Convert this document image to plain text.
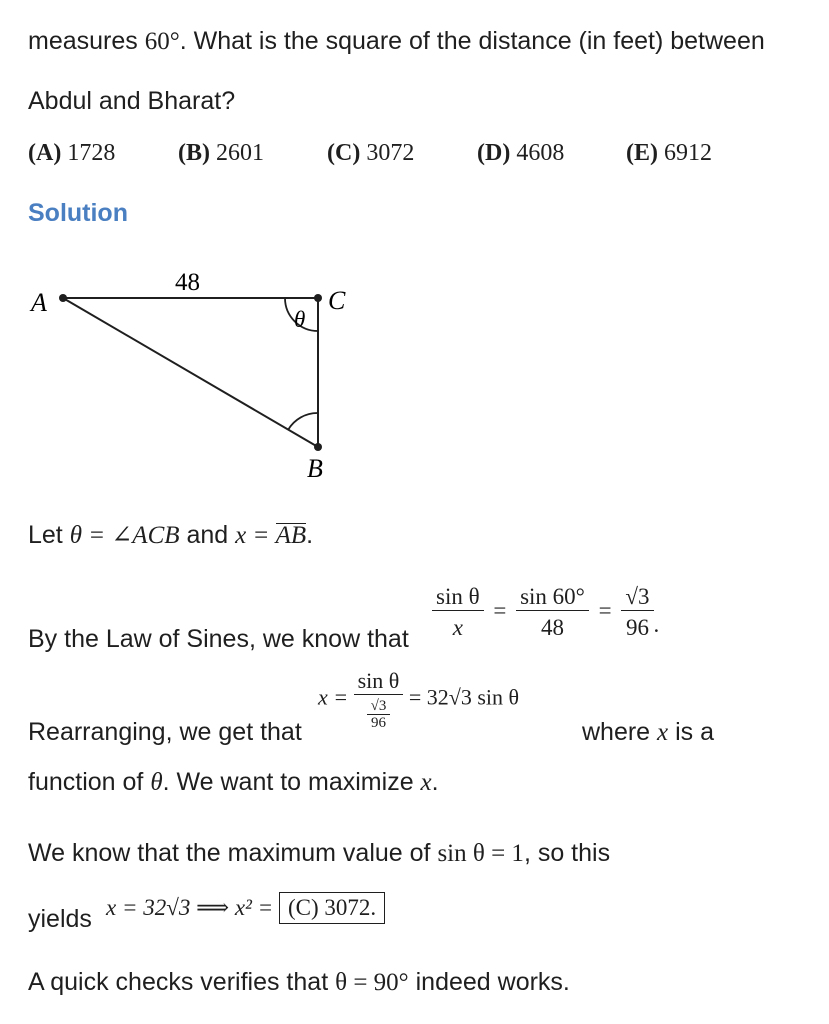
measures 60°. What is the square of the distance (in feet) between
Abdul and Bharat?
(A) 1728	(B) 2601	(C) 3072	(D) 4608	(E) 6912
Solution
A	C
B
θ
48
Let θ = ∠ACB and x = AB.
By the Law of Sines, we know that $\frac{\text{sin θ}}{x} = \frac{\sin 60^\circ}{48} = \frac{√3}{96}$ .
Rearranging, we get that
$x = \frac{\text{sin θ}}{\frac{√3}{96}} = 32√3$ sin θ
where x is a
function of θ. We want to maximize x.
We know that the maximum value of sin θ = 1, so this
yields x = 32√3 ⟹ x² = (C) 3072.
A quick checks verifies that θ = 90° indeed works.
